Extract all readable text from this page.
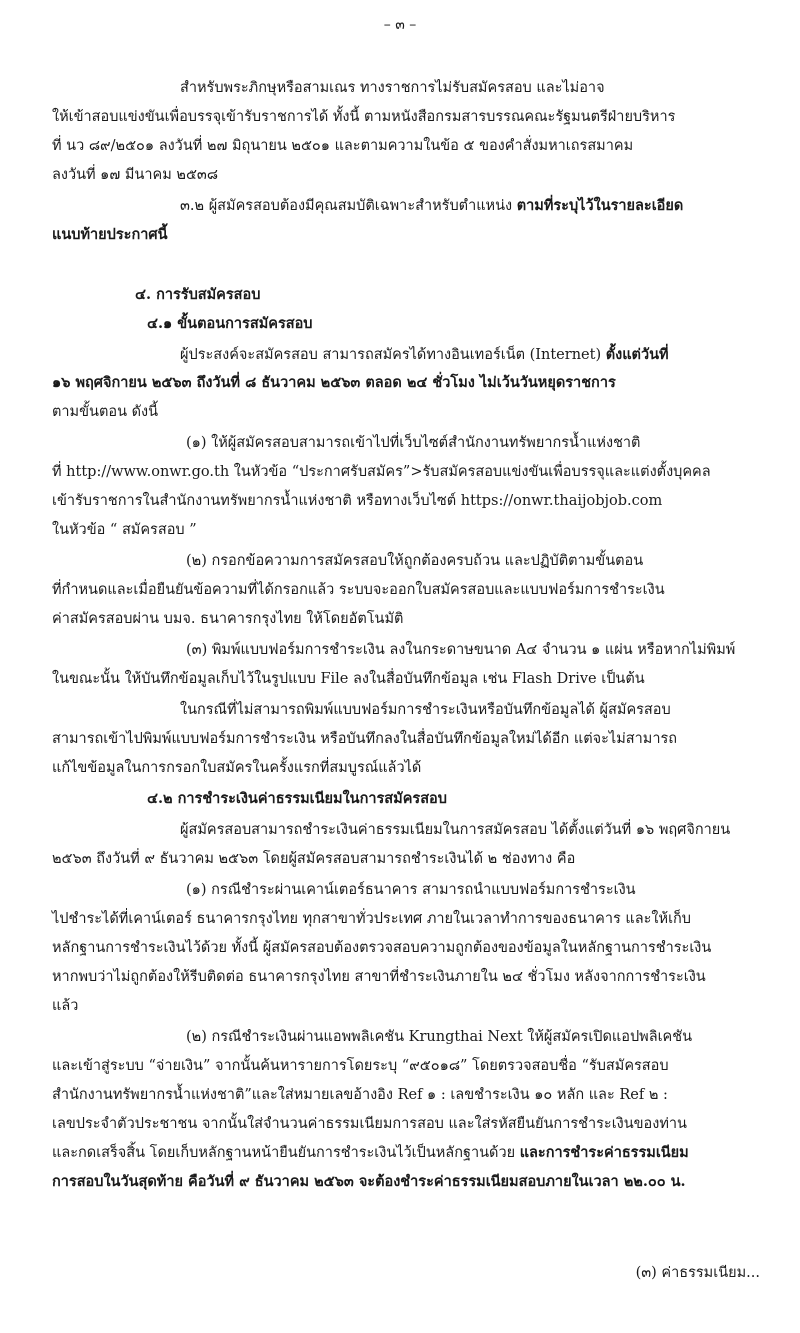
– ๓ –
สำหรับพระภิกษุหรือสามเณร ทางราชการไม่รับสมัครสอบ และไม่อาจ
ให้เข้าสอบแข่งขันเพื่อบรรจุเข้ารับราชการได้ ทั้งนี้ ตามหนังสือกรมสารบรรณคณะรัฐมนตรีฝ่ายบริหาร
ที่ นว ๘๙/๒๕๐๑ ลงวันที่ ๒๗ มิถุนายน ๒๕๐๑ และตามความในข้อ ๕ ของคำสั่งมหาเถรสมาคม
ลงวันที่ ๑๗ มีนาคม ๒๕๓๘
๓.๒ ผู้สมัครสอบต้องมีคุณสมบัติเฉพาะสำหรับตำแหน่ง ตามที่ระบุไว้ในรายละเอียด
แนบท้ายประกาศนี้
๔. การรับสมัครสอบ
๔.๑ ขั้นตอนการสมัครสอบ
ผู้ประสงค์จะสมัครสอบ สามารถสมัครได้ทางอินเทอร์เน็ต (Internet) ตั้งแต่วันที่
๑๖ พฤศจิกายน ๒๕๖๓ ถึงวันที่ ๘ ธันวาคม ๒๕๖๓ ตลอด ๒๔ ชั่วโมง ไม่เว้นวันหยุดราชการ
ตามขั้นตอน ดังนี้
(๑) ให้ผู้สมัครสอบสามารถเข้าไปที่เว็บไซต์สำนักงานทรัพยากรน้ำแห่งชาติ
ที่ http://www.onwr.go.th ในหัวข้อ “ประกาศรับสมัคร”>รับสมัครสอบแข่งขันเพื่อบรรจุและแต่งตั้งบุคคล
เข้ารับราชการในสำนักงานทรัพยากรน้ำแห่งชาติ หรือทางเว็บไซต์ https://onwr.thaijobjob.com
ในหัวข้อ “ สมัครสอบ ”
(๒) กรอกข้อความการสมัครสอบให้ถูกต้องครบถ้วน และปฏิบัติตามขั้นตอน
ที่กำหนดและเมื่อยืนยันข้อความที่ได้กรอกแล้ว ระบบจะออกใบสมัครสอบและแบบฟอร์มการชำระเงิน
ค่าสมัครสอบผ่าน บมจ. ธนาคารกรุงไทย ให้โดยอัตโนมัติ
(๓) พิมพ์แบบฟอร์มการชำระเงิน ลงในกระดาษขนาด A๔ จำนวน ๑ แผ่น หรือหากไม่พิมพ์
ในขณะนั้น ให้บันทึกข้อมูลเก็บไว้ในรูปแบบ File ลงในสื่อบันทึกข้อมูล เช่น Flash Drive เป็นต้น
ในกรณีที่ไม่สามารถพิมพ์แบบฟอร์มการชำระเงินหรือบันทึกข้อมูลได้ ผู้สมัครสอบ
สามารถเข้าไปพิมพ์แบบฟอร์มการชำระเงิน หรือบันทึกลงในสื่อบันทึกข้อมูลใหม่ได้อีก แต่จะไม่สามารถ
แก้ไขข้อมูลในการกรอกใบสมัครในครั้งแรกที่สมบูรณ์แล้วได้
๔.๒ การชำระเงินค่าธรรมเนียมในการสมัครสอบ
ผู้สมัครสอบสามารถชำระเงินค่าธรรมเนียมในการสมัครสอบ ได้ตั้งแต่วันที่ ๑๖ พฤศจิกายน
๒๕๖๓ ถึงวันที่ ๙ ธันวาคม ๒๕๖๓ โดยผู้สมัครสอบสามารถชำระเงินได้ ๒ ช่องทาง คือ
(๑) กรณีชำระผ่านเคาน์เตอร์ธนาคาร สามารถนำแบบฟอร์มการชำระเงิน
ไปชำระได้ที่เคาน์เตอร์ ธนาคารกรุงไทย ทุกสาขาทั่วประเทศ ภายในเวลาทำการของธนาคาร และให้เก็บ
หลักฐานการชำระเงินไว้ด้วย ทั้งนี้ ผู้สมัครสอบต้องตรวจสอบความถูกต้องของข้อมูลในหลักฐานการชำระเงิน
หากพบว่าไม่ถูกต้องให้รีบติดต่อ ธนาคารกรุงไทย สาขาที่ชำระเงินภายใน ๒๔ ชั่วโมง หลังจากการชำระเงิน
แล้ว
(๒) กรณีชำระเงินผ่านแอพพลิเคชัน Krungthai Next ให้ผู้สมัครเปิดแอปพลิเคชัน
และเข้าสู่ระบบ “จ่ายเงิน” จากนั้นค้นหารายการโดยระบุ “๙๕๐๑๘” โดยตรวจสอบชื่อ “รับสมัครสอบ
สำนักงานทรัพยากรน้ำแห่งชาติ”และใส่หมายเลขอ้างอิง Ref ๑ : เลขชำระเงิน ๑๐ หลัก และ Ref ๒ :
เลขประจำตัวประชาชน จากนั้นใส่จำนวนค่าธรรมเนียมการสอบ และใส่รหัสยืนยันการชำระเงินของท่าน
และกดเสร็จสิ้น โดยเก็บหลักฐานหน้ายืนยันการชำระเงินไว้เป็นหลักฐานด้วย และการชำระค่าธรรมเนียม
การสอบในวันสุดท้าย คือวันที่ ๙ ธันวาคม ๒๕๖๓ จะต้องชำระค่าธรรมเนียมสอบภายในเวลา ๒๒.๐๐ น.
(๓) ค่าธรรมเนียม...
